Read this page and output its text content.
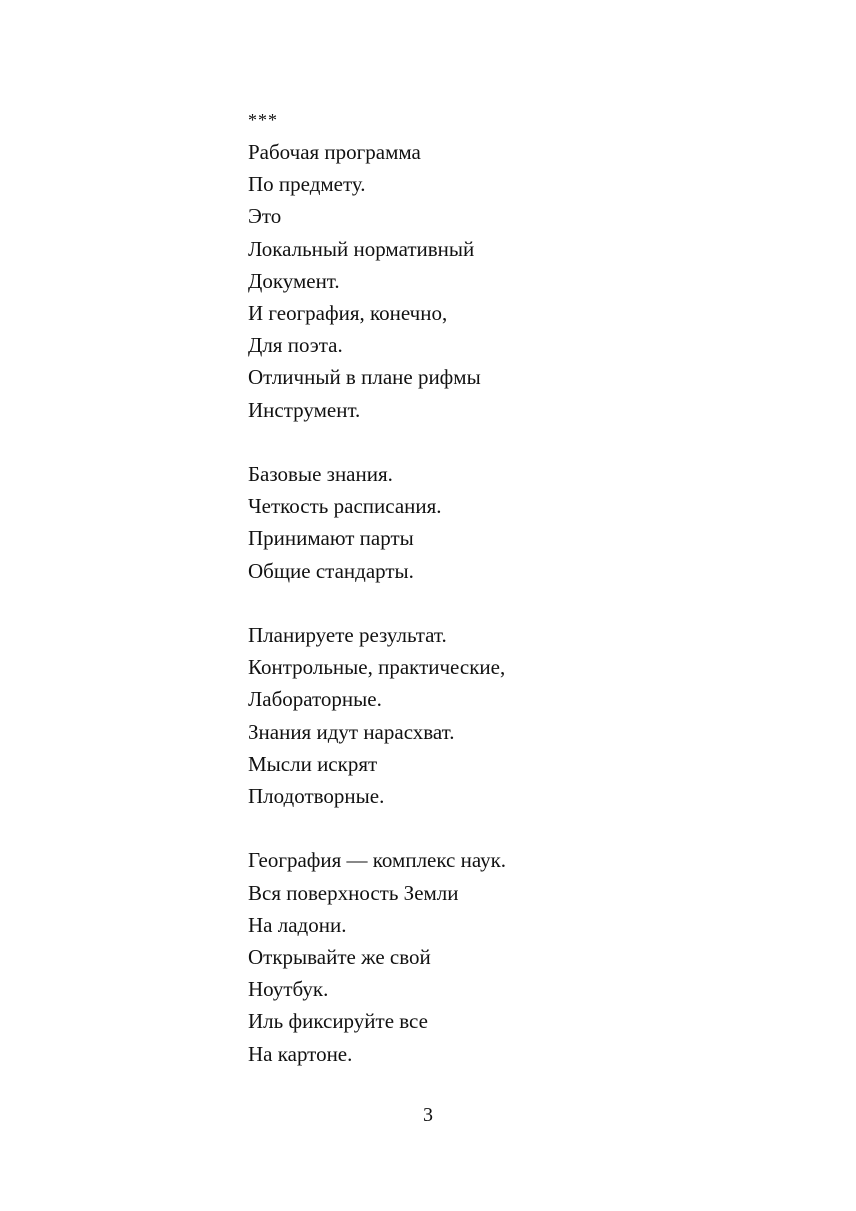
***
Рабочая программа
По предмету.
Это
Локальный нормативный
Документ.
И география, конечно,
Для поэта.
Отличный в плане рифмы
Инструмент.
Базовые знания.
Четкость расписания.
Принимают парты
Общие стандарты.
Планируете результат.
Контрольные, практические,
Лабораторные.
Знания идут нарасхват.
Мысли искрят
Плодотворные.
География — комплекс наук.
Вся поверхность Земли
На ладони.
Открывайте же свой
Ноутбук.
Иль фиксируйте все
На картоне.
3
